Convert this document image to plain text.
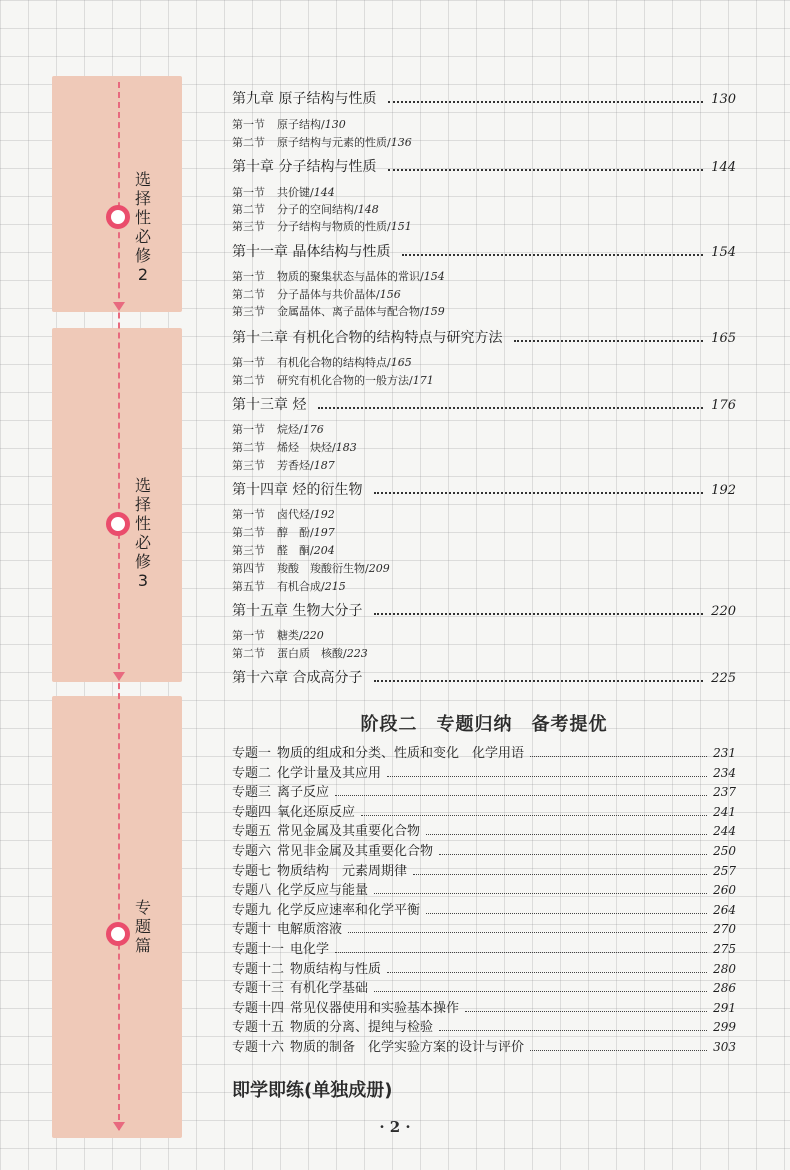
选择性必修2
选择性必修3
专题篇
第九章 原子结构与性质	130
第一节 原子结构/ 130
第二节 原子结构与元素的性质/ 136
第十章 分子结构与性质	144
第一节 共价键/ 144
第二节 分子的空间结构/ 148
第三节 分子结构与物质的性质/ 151
第十一章 晶体结构与性质	154
第一节 物质的聚集状态与晶体的常识/ 154
第二节 分子晶体与共价晶体/ 156
第三节 金属晶体、离子晶体与配合物/ 159
第十二章 有机化合物的结构特点与研究方法	165
第一节 有机化合物的结构特点/ 165
第二节 研究有机化合物的一般方法/ 171
第十三章 烃	176
第一节 烷烃/ 176
第二节 烯烃　炔烃/ 183
第三节 芳香烃/ 187
第十四章 烃的衍生物	192
第一节 卤代烃/ 192
第二节 醇　酚/ 197
第三节 醛　酮/ 204
第四节 羧酸　羧酸衍生物/ 209
第五节 有机合成/ 215
第十五章 生物大分子	220
第一节 糖类/ 220
第二节 蛋白质　核酸/ 223
第十六章 合成高分子	225
阶段二　专题归纳　备考提优
专题一 物质的组成和分类、性质和变化　化学用语	231
专题二 化学计量及其应用	234
专题三 离子反应	237
专题四 氧化还原反应	241
专题五 常见金属及其重要化合物	244
专题六 常见非金属及其重要化合物	250
专题七 物质结构　元素周期律	257
专题八 化学反应与能量	260
专题九 化学反应速率和化学平衡	264
专题十 电解质溶液	270
专题十一 电化学	275
专题十二 物质结构与性质	280
专题十三 有机化学基础	286
专题十四 常见仪器使用和实验基本操作	291
专题十五 物质的分离、提纯与检验	299
专题十六 物质的制备　化学实验方案的设计与评价	303
即学即练(单独成册)
· 2 ·
